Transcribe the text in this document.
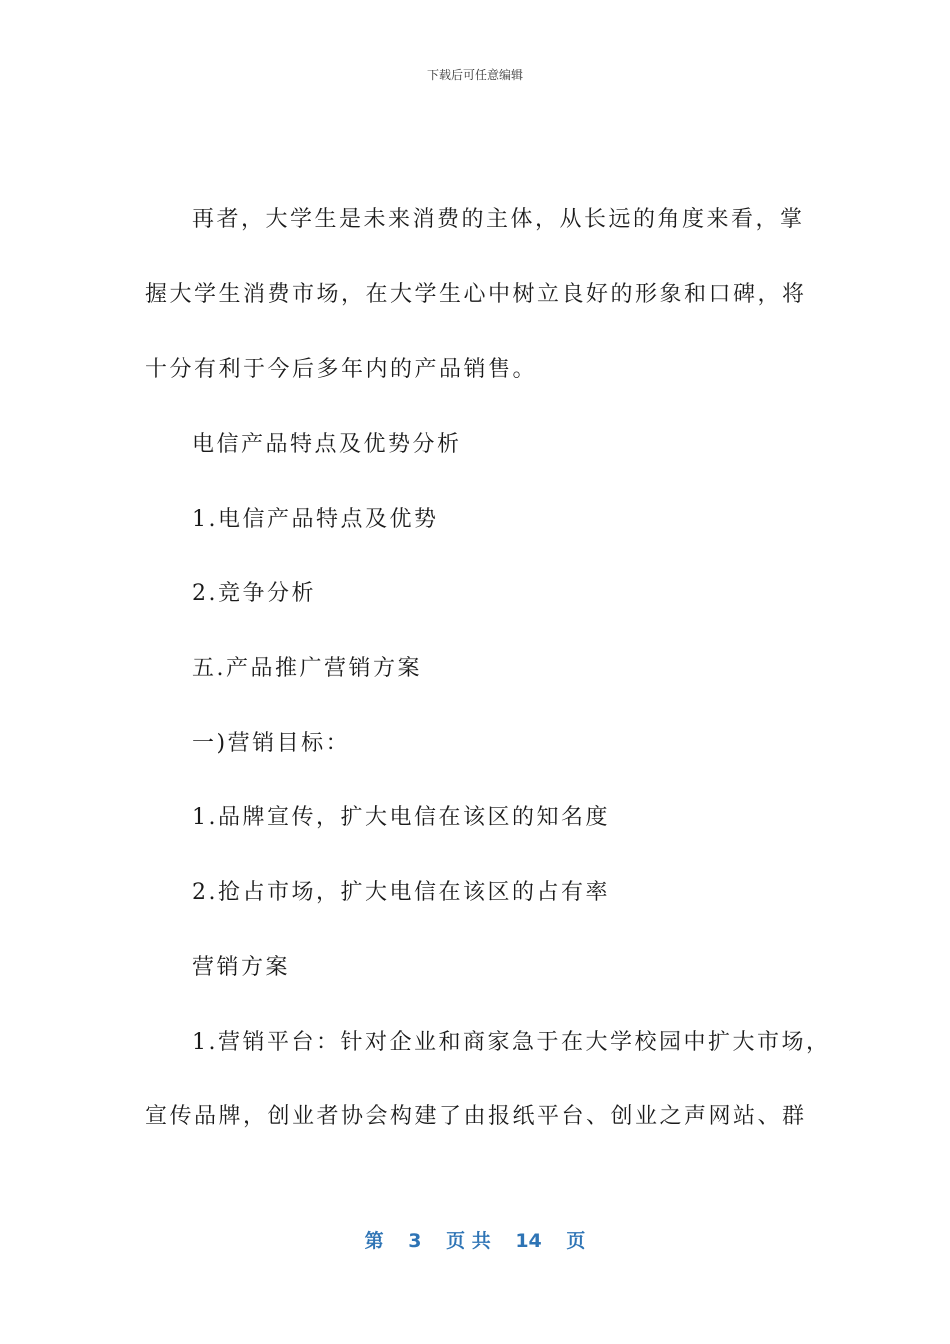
下载后可任意编辑
再者，大学生是未来消费的主体，从长远的角度来看，掌
握大学生消费市场，在大学生心中树立良好的形象和口碑，将
十分有利于今后多年内的产品销售。
电信产品特点及优势分析
1.电信产品特点及优势
2.竞争分析
五.产品推广营销方案
一)营销目标：
1.品牌宣传，扩大电信在该区的知名度
2.抢占市场，扩大电信在该区的占有率
营销方案
1.营销平台：针对企业和商家急于在大学校园中扩大市场，
宣传品牌，创业者协会构建了由报纸平台、创业之声网站、群
第 3 页 共 14 页
